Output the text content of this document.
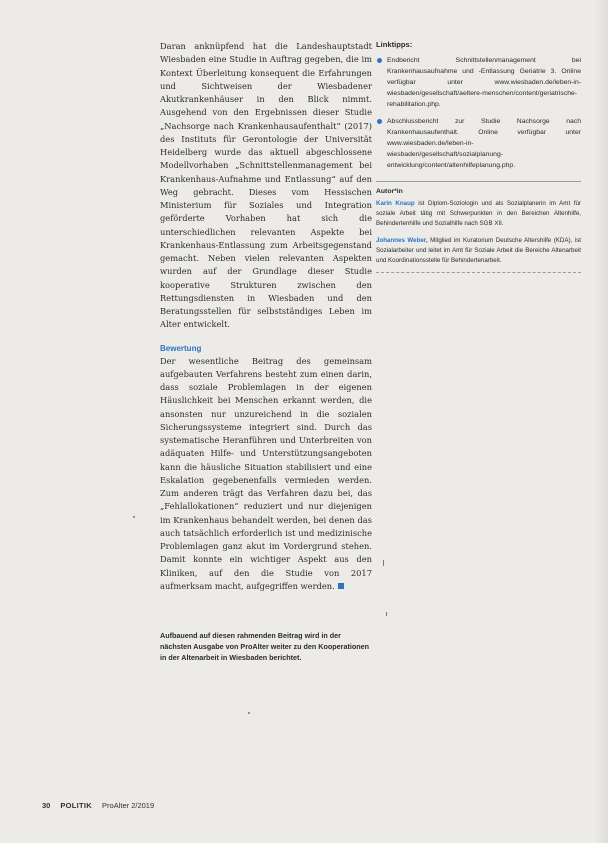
Daran anknüpfend hat die Landeshauptstadt Wiesbaden eine Studie in Auftrag gegeben, die im Kontext Überleitung konsequent die Erfahrungen und Sichtweisen der Wiesbadener Akutkrankenhäuser in den Blick nimmt. Ausgehend von den Ergebnissen dieser Studie „Nachsorge nach Krankenhausaufenthalt“ (2017) des Instituts für Gerontologie der Universität Heidelberg wurde das aktuell abgeschlossene Modellvorhaben „Schnittstellenmanagement bei Krankenhaus-Aufnahme und Entlassung“ auf den Weg gebracht. Dieses vom Hessischen Ministerium für Soziales und Integration geförderte Vorhaben hat sich die unterschiedlichen relevanten Aspekte bei Krankenhaus-Entlassung zum Arbeitsgegenstand gemacht. Neben vielen relevanten Aspekten wurden auf der Grundlage dieser Studie kooperative Strukturen zwischen den Rettungsdiensten in Wiesbaden und den Beratungsstellen für selbstständiges Leben im Alter entwickelt.

Bewertung

Der wesentliche Beitrag des gemeinsam aufgebauten Verfahrens besteht zum einen darin, dass soziale Problemlagen in der eigenen Häuslichkeit bei Menschen erkannt werden, die ansonsten nur unzureichend in die sozialen Sicherungssysteme integriert sind. Durch das systematische Heranführen und Unterbreiten von adäquaten Hilfe- und Unterstützungsangeboten kann die häusliche Situation stabilisiert und eine Eskalation gegebenenfalls vermieden werden. Zum anderen trägt das Verfahren dazu bei, das „Fehlallokationen“ reduziert und nur diejenigen im Krankenhaus behandelt werden, bei denen das auch tatsächlich erforderlich ist und medizinische Problemlagen ganz akut im Vordergrund stehen. Damit konnte ein wichtiger Aspekt aus den Kliniken, auf den die Studie von 2017 aufmerksam macht, aufgegriffen werden.

Aufbauend auf diesen rahmenden Beitrag wird in der nächsten Ausgabe von ProAlter weiter zu den Kooperationen in der Altenarbeit in Wiesbaden berichtet.

Linktipps:

Endbericht Schnittstellenmanagement bei Krankenhausaufnahme und -Entlassung Geriatrie 3. Online verfügbar unter www.wiesbaden.de/leben-in-wiesbaden/gesellschaft/aeltere-menschen/content/geriatrische-rehabilitation.php.
Abschlussbericht zur Studie Nachsorge nach Krankenhausaufenthalt. Online verfügbar unter www.wiesbaden.de/leben-in-wiesbaden/gesellschaft/sozialplanung-entwicklung/content/altenhilfeplanung.php.

Autor*in

Karin Knaup ist Diplom-Soziologin und als Sozialplanerin im Amt für soziale Arbeit tätig mit Schwerpunkten in den Bereichen Altenhilfe, Behindertenhilfe und Sozialhilfe nach SGB XII.

Johannes Weber, Mitglied im Kuratorium Deutsche Altershilfe (KDA), ist Sozialarbeiter und leitet im Amt für Soziale Arbeit die Bereiche Altenarbeit und Koordinationsstelle für Behindertenarbeit.

30 POLITIK ProAlter 2/2019
